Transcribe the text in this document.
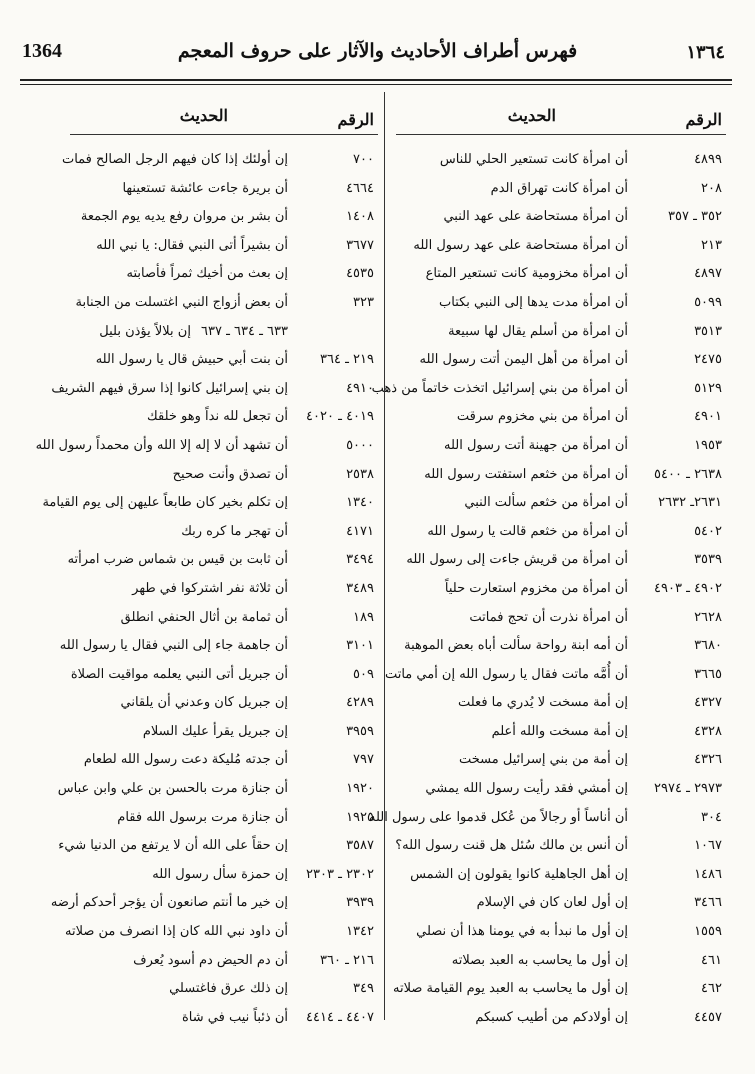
1364	فهرس أطراف الأحاديث والآثار على حروف المعجم	١٣٦٤
الرقم
الحديث
٤٨٩٩
أن امرأة كانت تستعير الحلي للناس
٢٠٨
أن امرأة كانت تهراق الدم
٣٥٢ ـ ٣٥٧
أن امرأة مستحاضة على عهد النبي
٢١٣
أن امرأة مستحاضة على عهد رسول الله
٤٨٩٧
أن امرأة مخزومية كانت تستعير المتاع
٥٠٩٩
أن امرأة مدت يدها إلى النبي بكتاب
٣٥١٣
أن امرأة من أسلم يقال لها سبيعة
٢٤٧٥
أن امرأة من أهل اليمن أتت رسول الله
٥١٢٩
أن امرأة من بني إسرائيل اتخذت خاتماً من ذهب
٤٩٠١
أن امرأة من بني مخزوم سرقت
١٩٥٣
أن امرأة من جهينة أتت رسول الله
٢٦٣٨ ـ ٥٤٠٠
أن امرأة من خثعم استفتت رسول الله
٢٦٣١ـ ٢٦٣٢
أن امرأة من خثعم سألت النبي
٥٤٠٢
أن امرأة من خثعم قالت يا رسول الله
٣٥٣٩
أن امرأة من قريش جاءت إلى رسول الله
٤٩٠٢ ـ ٤٩٠٣
أن امرأة من مخزوم استعارت حلياً
٢٦٢٨
أن امرأة نذرت أن تحج فماتت
٣٦٨٠
أن أمه ابنة رواحة سألت أباه بعض الموهبة
٣٦٦٥
أن أُمَّه ماتت فقال يا رسول الله إن أمي ماتت
٤٣٢٧
إن أمة مسخت لا يُدري ما فعلت
٤٣٢٨
إن أمة مسخت والله أعلم
٤٣٢٦
إن أمة من بني إسرائيل مسخت
٢٩٧٣ ـ ٢٩٧٤
إن أمشي فقد رأيت رسول الله يمشي
٣٠٤
أن أناساً أو رجالاً من عُكل قدموا على رسول الله
١٠٦٧
أن أنس بن مالك سُئل هل قنت رسول الله؟
١٤٨٦
إن أهل الجاهلية كانوا يقولون إن الشمس
٣٤٦٦
إن أول لعان كان في الإسلام
١٥٥٩
إن أول ما نبدأ به في يومنا هذا أن نصلي
٤٦١
إن أول ما يحاسب به العبد بصلاته
٤٦٢
إن أول ما يحاسب به العبد يوم القيامة صلاته
٤٤٥٧
إن أولادكم من أطيب كسبكم
الرقم
الحديث
٧٠٠
إن أولئك إذا كان فيهم الرجل الصالح فمات
٤٦٦٤
أن بريرة جاءت عائشة تستعينها
١٤٠٨
أن بشر بن مروان رفع يديه يوم الجمعة
٣٦٧٧
أن بشيراً أتى النبي فقال: يا نبي الله
٤٥٣٥
إن بعث من أخيك ثمراً فأصابته
٣٢٣
أن بعض أزواج النبي اغتسلت من الجنابة
٦٣٣ ـ ٦٣٤ ـ ٦٣٧إن بلالاً يؤذن بليل
٢١٩ ـ ٣٦٤
أن بنت أبي حبيش قال يا رسول الله
٤٩١٠
إن بني إسرائيل كانوا إذا سرق فيهم الشريف
٤٠١٩ ـ ٤٠٢٠
أن تجعل لله نداً وهو خلقك
٥٠٠٠
أن تشهد أن لا إله إلا الله وأن محمداً رسول الله
٢٥٣٨
أن تصدق وأنت صحيح
١٣٤٠
إن تكلم بخير كان طابعاً عليهن إلى يوم القيامة
٤١٧١
أن تهجر ما كره ربك
٣٤٩٤
أن ثابت بن قيس بن شماس ضرب امرأته
٣٤٨٩
أن ثلاثة نفر اشتركوا في طهر
١٨٩
أن ثمامة بن أثال الحنفي انطلق
٣١٠١
أن جاهمة جاء إلى النبي فقال يا رسول الله
٥٠٩
أن جبريل أتى النبي يعلمه مواقيت الصلاة
٤٢٨٩
إن جبريل كان وعدني أن يلقاني
٣٩٥٩
إن جبريل يقرأ عليك السلام
٧٩٧
أن جدته مُليكة دعت رسول الله لطعام
١٩٢٠
أن جنازة مرت بالحسن بن علي وابن عباس
١٩٢٥
أن جنازة مرت برسول الله فقام
٣٥٨٧
إن حقاً على الله أن لا يرتفع من الدنيا شيء
٢٣٠٢ ـ ٢٣٠٣
إن حمزة سأل رسول الله
٣٩٣٩
إن خير ما أنتم صانعون أن يؤجر أحدكم أرضه
١٣٤٢
أن داود نبي الله كان إذا انصرف من صلاته
٢١٦ ـ ٣٦٠
أن دم الحيض دم أسود يُعرف
٣٤٩
إن ذلك عرق فاغتسلي
٤٤٠٧ ـ ٤٤١٤
أن ذئباً نيب في شاة
